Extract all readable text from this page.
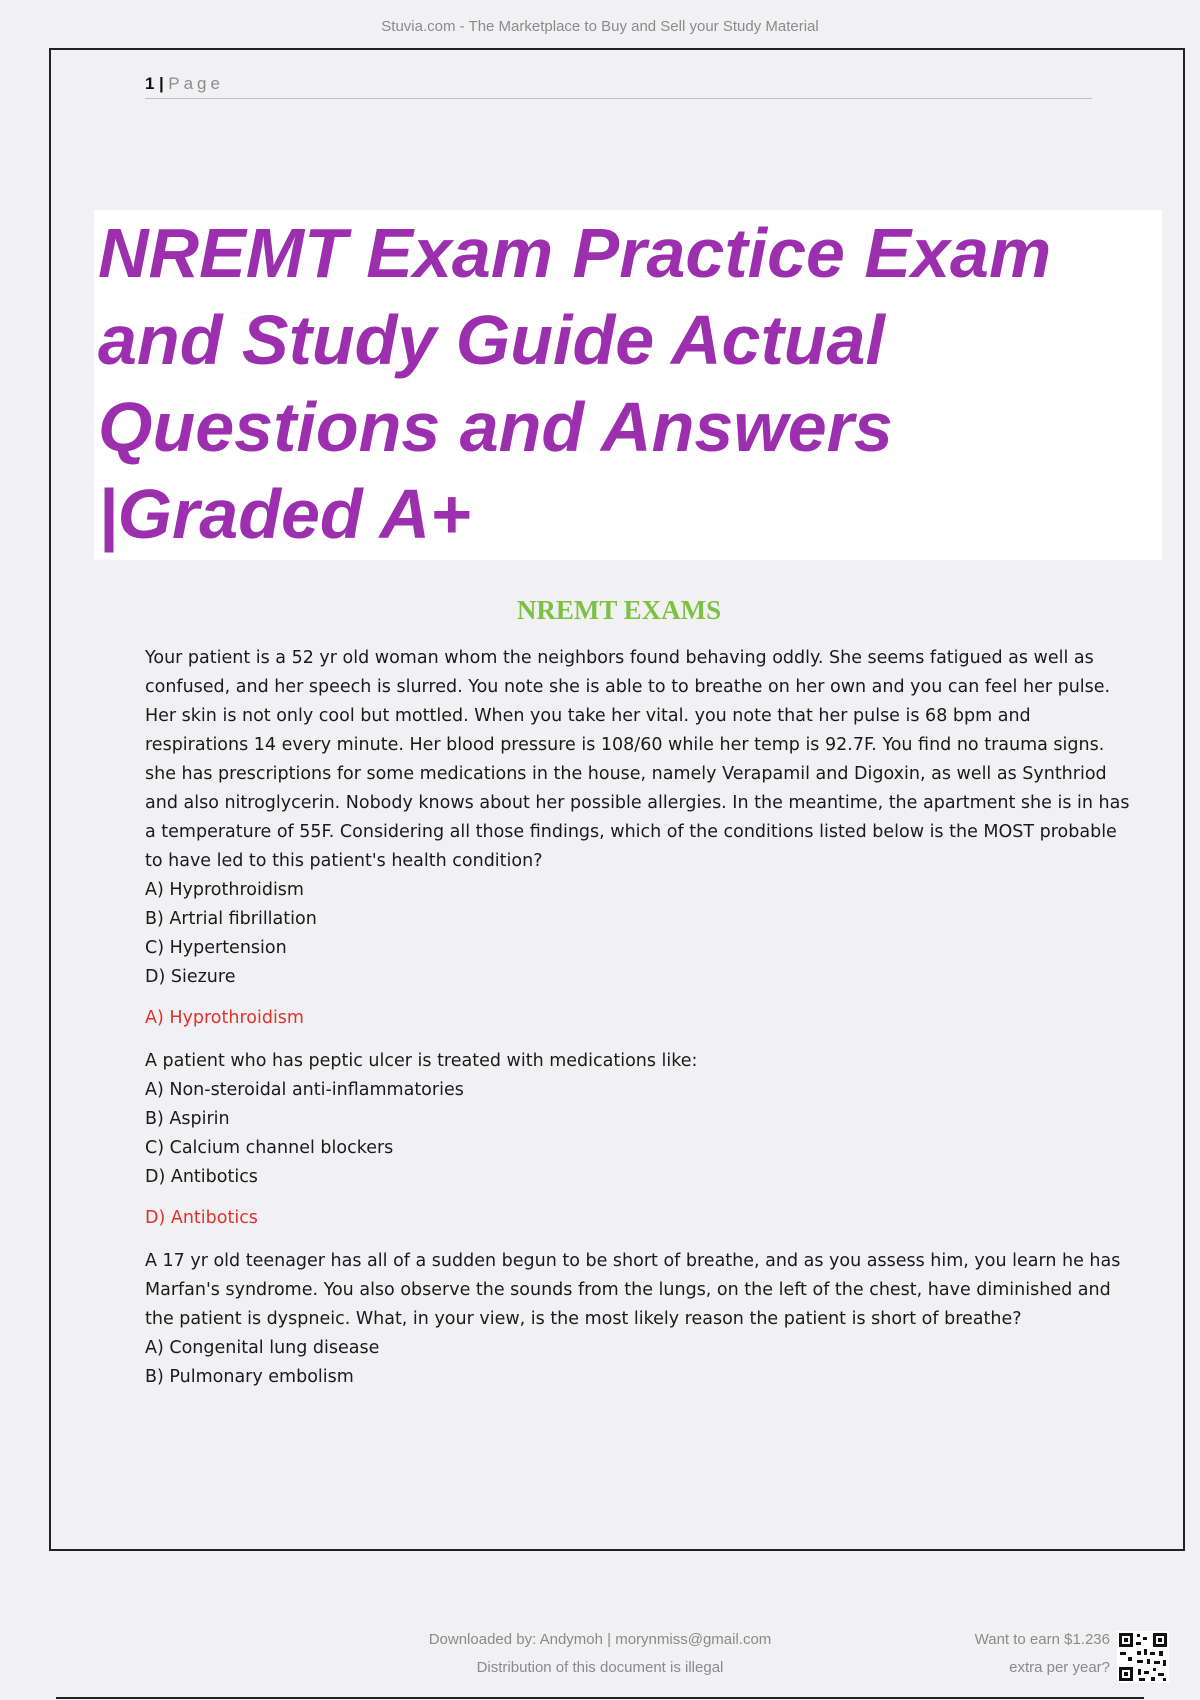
Stuvia.com - The Marketplace to Buy and Sell your Study Material
1 | Page
NREMT Exam Practice Exam and Study Guide Actual Questions and Answers |Graded A+
NREMT EXAMS

Your patient is a 52 yr old woman whom the neighbors found behaving oddly. She seems fatigued as well as confused, and her speech is slurred. You note she is able to to breathe on her own and you can feel her pulse. Her skin is not only cool but mottled. When you take her vital. you note that her pulse is 68 bpm and respirations 14 every minute. Her blood pressure is 108/60 while her temp is 92.7F. You find no trauma signs. she has prescriptions for some medications in the house, namely Verapamil and Digoxin, as well as Synthriod and also nitroglycerin. Nobody knows about her possible allergies. In the meantime, the apartment she is in has a temperature of 55F. Considering all those findings, which of the conditions listed below is the MOST probable to have led to this patient's health condition?

A) Hyprothroidism

B) Artrial fibrillation

C) Hypertension

D) Siezure

A) Hyprothroidism

A patient who has peptic ulcer is treated with medications like:

A) Non-steroidal anti-inflammatories

B) Aspirin

C) Calcium channel blockers

D) Antibotics

D) Antibotics

A 17 yr old teenager has all of a sudden begun to be short of breathe, and as you assess him, you learn he has Marfan's syndrome. You also observe the sounds from the lungs, on the left of the chest, have diminished and the patient is dyspneic. What, in your view, is the most likely reason the patient is short of breathe?

A) Congenital lung disease

B) Pulmonary embolism

Downloaded by: Andymoh | morynmiss@gmail.com
Distribution of this document is illegal
Want to earn $1.236
extra per year?
